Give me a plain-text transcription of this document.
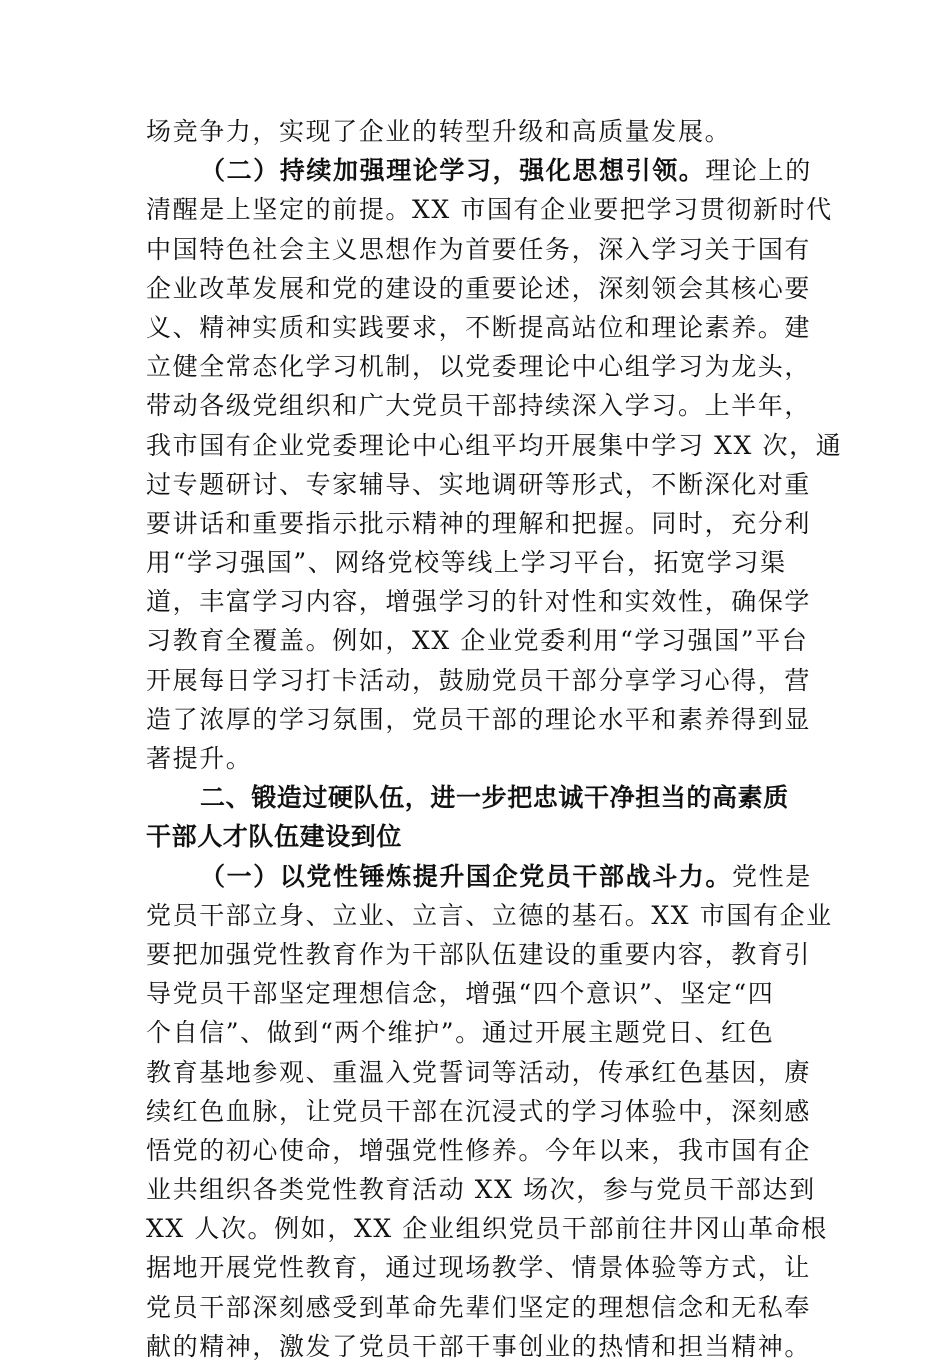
场竞争力，实现了企业的转型升级和高质量发展。
（二）持续加强理论学习，强化思想引领。理论上的
清醒是上坚定的前提。XX 市国有企业要把学习贯彻新时代
中国特色社会主义思想作为首要任务，深入学习关于国有
企业改革发展和党的建设的重要论述，深刻领会其核心要
义、精神实质和实践要求，不断提高站位和理论素养。建
立健全常态化学习机制，以党委理论中心组学习为龙头，
带动各级党组织和广大党员干部持续深入学习。上半年，
我市国有企业党委理论中心组平均开展集中学习 XX 次，通
过专题研讨、专家辅导、实地调研等形式，不断深化对重
要讲话和重要指示批示精神的理解和把握。同时，充分利
用“学习强国”、网络党校等线上学习平台，拓宽学习渠
道，丰富学习内容，增强学习的针对性和实效性，确保学
习教育全覆盖。例如，XX 企业党委利用“学习强国”平台
开展每日学习打卡活动，鼓励党员干部分享学习心得，营
造了浓厚的学习氛围，党员干部的理论水平和素养得到显
著提升。
二、锻造过硬队伍，进一步把忠诚干净担当的高素质
干部人才队伍建设到位
（一）以党性锤炼提升国企党员干部战斗力。党性是
党员干部立身、立业、立言、立德的基石。XX 市国有企业
要把加强党性教育作为干部队伍建设的重要内容，教育引
导党员干部坚定理想信念，增强“四个意识”、坚定“四
个自信”、做到“两个维护”。通过开展主题党日、红色
教育基地参观、重温入党誓词等活动，传承红色基因，赓
续红色血脉，让党员干部在沉浸式的学习体验中，深刻感
悟党的初心使命，增强党性修养。今年以来，我市国有企
业共组织各类党性教育活动 XX 场次，参与党员干部达到
XX 人次。例如，XX 企业组织党员干部前往井冈山革命根
据地开展党性教育，通过现场教学、情景体验等方式，让
党员干部深刻感受到革命先辈们坚定的理想信念和无私奉
献的精神，激发了党员干部干事创业的热情和担当精神。
